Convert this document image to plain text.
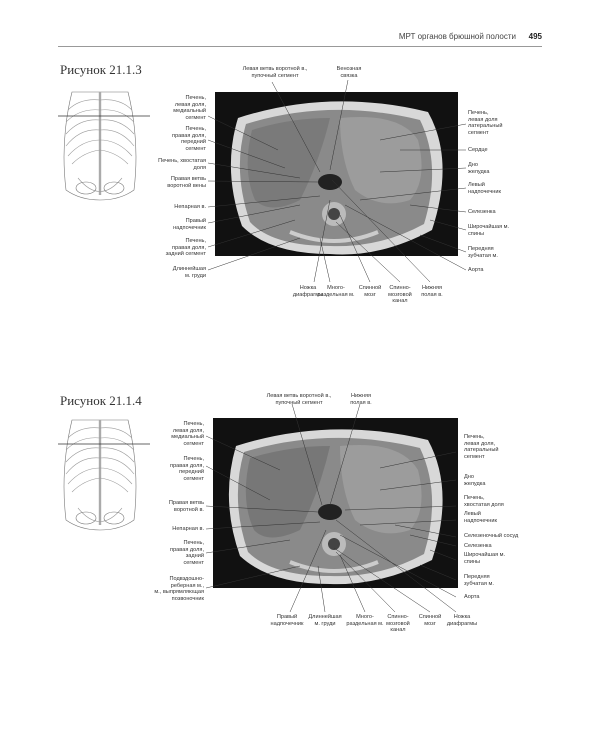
МРТ органов брюшной полости 495
Рисунок 21.1.3
Печень,
левая доля,
медиальный
сегмент
Печень,
правая доля,
передний
сегмент
Печень, хвостатая
доля
Правая ветвь
воротной вены
Непарная в.
Правый
надпочечник
Печень,
правая доля,
задний сегмент
Длиннейшая
м. груди
Левая ветвь воротной в.,
пупочный сегмент
Венозная
связка
Печень,
левая доля
латеральный
сегмент
Сердце
Дно
желудка
Левый
надпочечник
Селезенка
Широчайшая м.
спины
Передняя
зубчатая м.
Аорта
Ножка
диафрагмы
Много-
раздельная м.
Спинной
мозг
Спинно-
мозговой
канал
Нижняя
полая в.
Рисунок 21.1.4
Печень,
левая доля,
медиальный
сегмент
Печень,
правая доля,
передний
сегмент
Правая ветвь
воротной в.
Непарная в.
Печень,
правая доля,
задний
сегмент
Подвздошно-
реберная м.,
м., выпрямляющая
позвоночник
Левая ветвь воротной в.,
пупочный сегмент
Нижняя
полая в.
Печень,
левая доля,
латеральный
сегмент
Дно
желудка
Печень,
хвостатая доля
Левый
надпочечник
Селезеночный сосуд
Селезенка
Широчайшая м.
спины
Передняя
зубчатая м.
Аорта
Правый
надпочечник
Длиннейшая
м. груди
Много-
раздельная м.
Спинно-
мозговой
канал
Спинной
мозг
Ножка
диафрагмы
